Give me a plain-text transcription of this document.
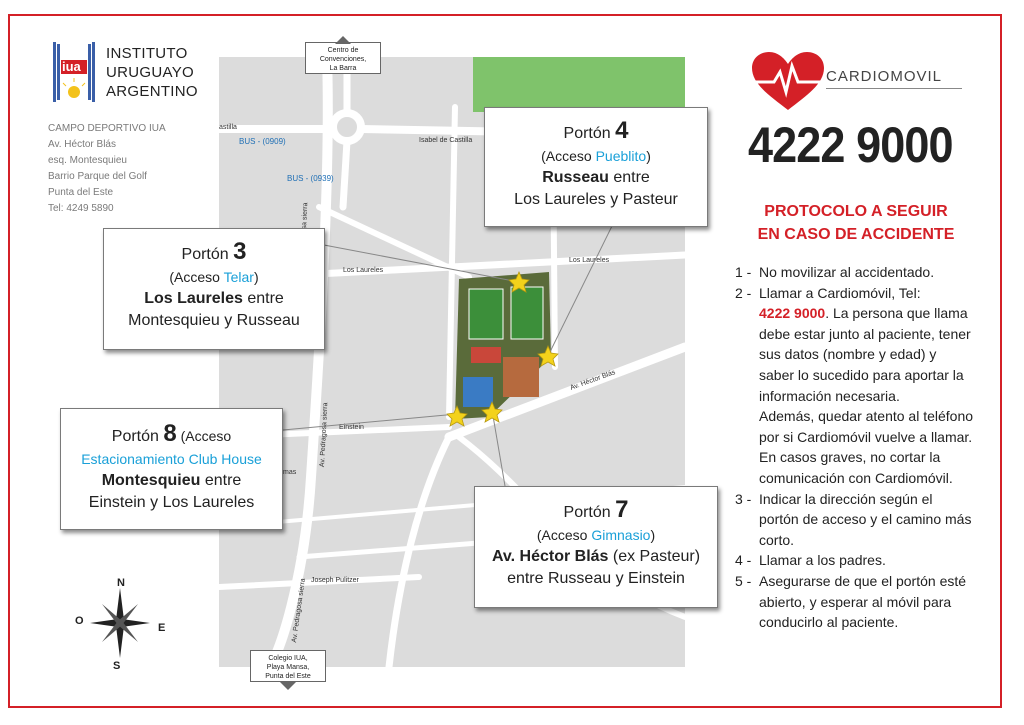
iua
INSTITUTO
URUGUAYO
ARGENTINO
CAMPO DEPORTIVO IUA
Av. Héctor Blás
esq. Montesquieu
Barrio Parque del Golf
Punta del Este
Tel: 4249 5890
astilla
Isabel de Castilla
BUS - (0909)
BUS - (0939)
Los Laureles
Los Laureles
Av. Pedragosa sierra
Av. Pedragosa sierra
Einstein
Av. Héctor Blás
Joseph Pulitzer
mas
Centro de
Convenciones,
La Barra
Colegio IUA,
Playa Mansa,
Punta del Este
Portón 4
(Acceso Pueblito)
Russeau entre
Los Laureles y Pasteur
Portón 3
(Acceso Telar)
Los Laureles entre
Montesquieu y Russeau
Portón 8 (Acceso
Estacionamiento Club House
Montesquieu entre
Einstein y Los Laureles
Portón 7
(Acceso Gimnasio)
Av. Héctor Blás (ex Pasteur)
entre Russeau y Einstein
N
S
E
O
CARDIOMOVIL
4222 9000
PROTOCOLO A SEGUIR
EN CASO DE ACCIDENTE
1 - No movilizar al accidentado.
2 - Llamar a Cardiomóvil, Tel:
4222 9000. La persona que llama debe estar junto al paciente, tener sus datos (nombre y edad) y saber lo sucedido para aportar la información necesaria.
Además, quedar atento al teléfono por si Cardiomóvil vuelve a llamar.
En casos graves, no cortar la comunicación con Cardiomóvil.
3 - Indicar la dirección según el portón de acceso y el camino más corto.
4 - Llamar a los padres.
5 - Asegurarse de que el portón esté abierto, y esperar al móvil para conducirlo al paciente.
